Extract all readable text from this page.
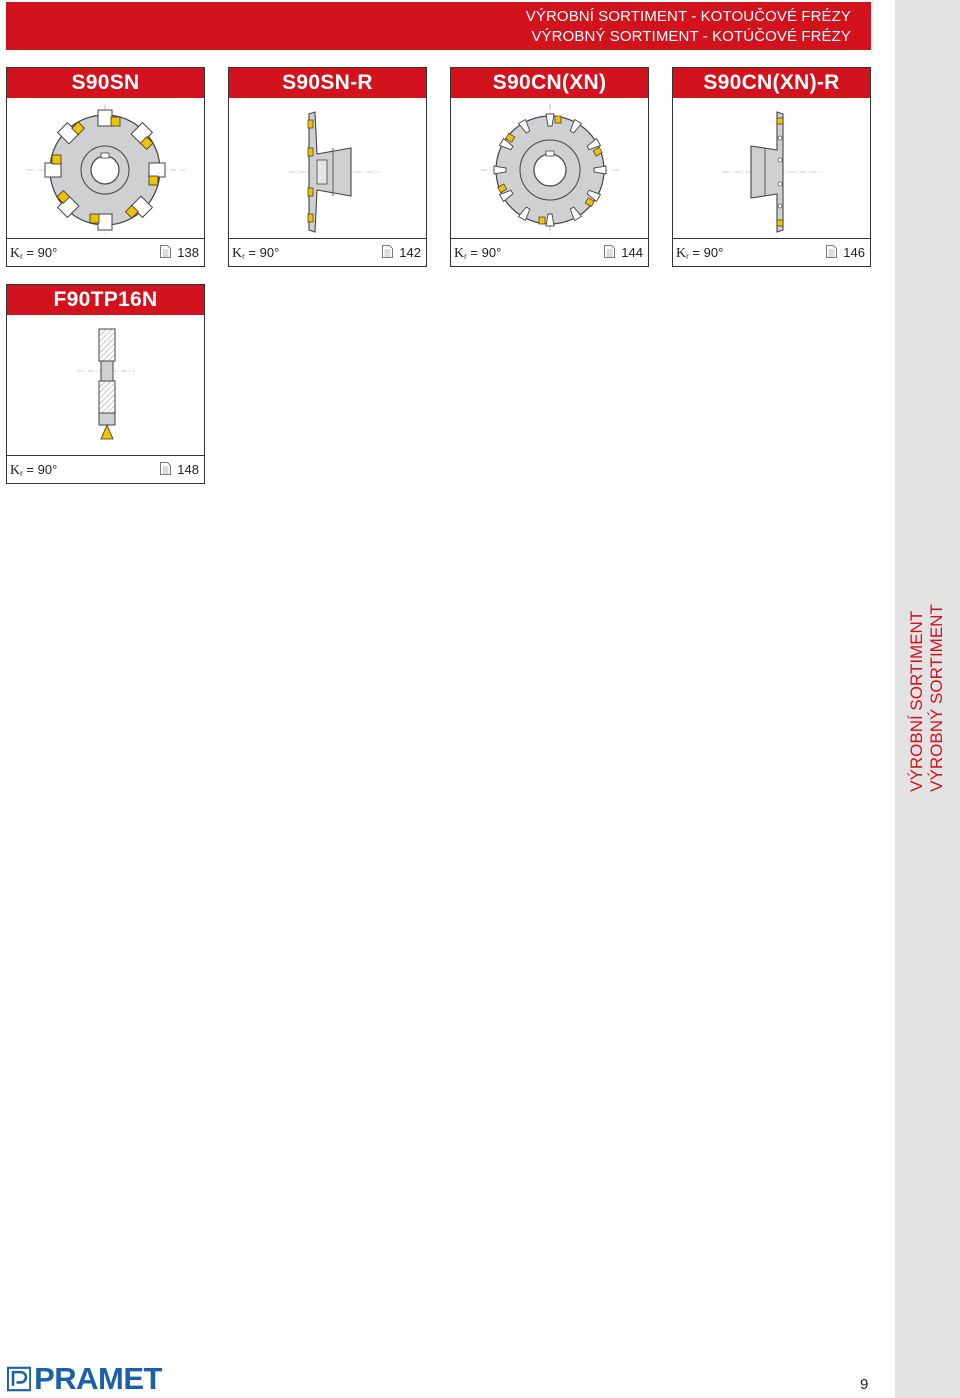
VÝROBNÍ SORTIMENT - KOTOUČOVÉ FRÉZY
VÝROBNÝ SORTIMENT - KOTÚČOVÉ FRÉZY
VÝROBNÍ SORTIMENT VÝROBNÝ SORTIMENT
S90SN
$K_r = 90^\circ$	138
S90SN-R
$K_r = 90^\circ$	142
S90CN(XN)
$K_r = 90^\circ$	144
S90CN(XN)-R
$K_r = 90^\circ$	146
F90TP16N
$K_r = 90^\circ$	148
PRAMET	9
